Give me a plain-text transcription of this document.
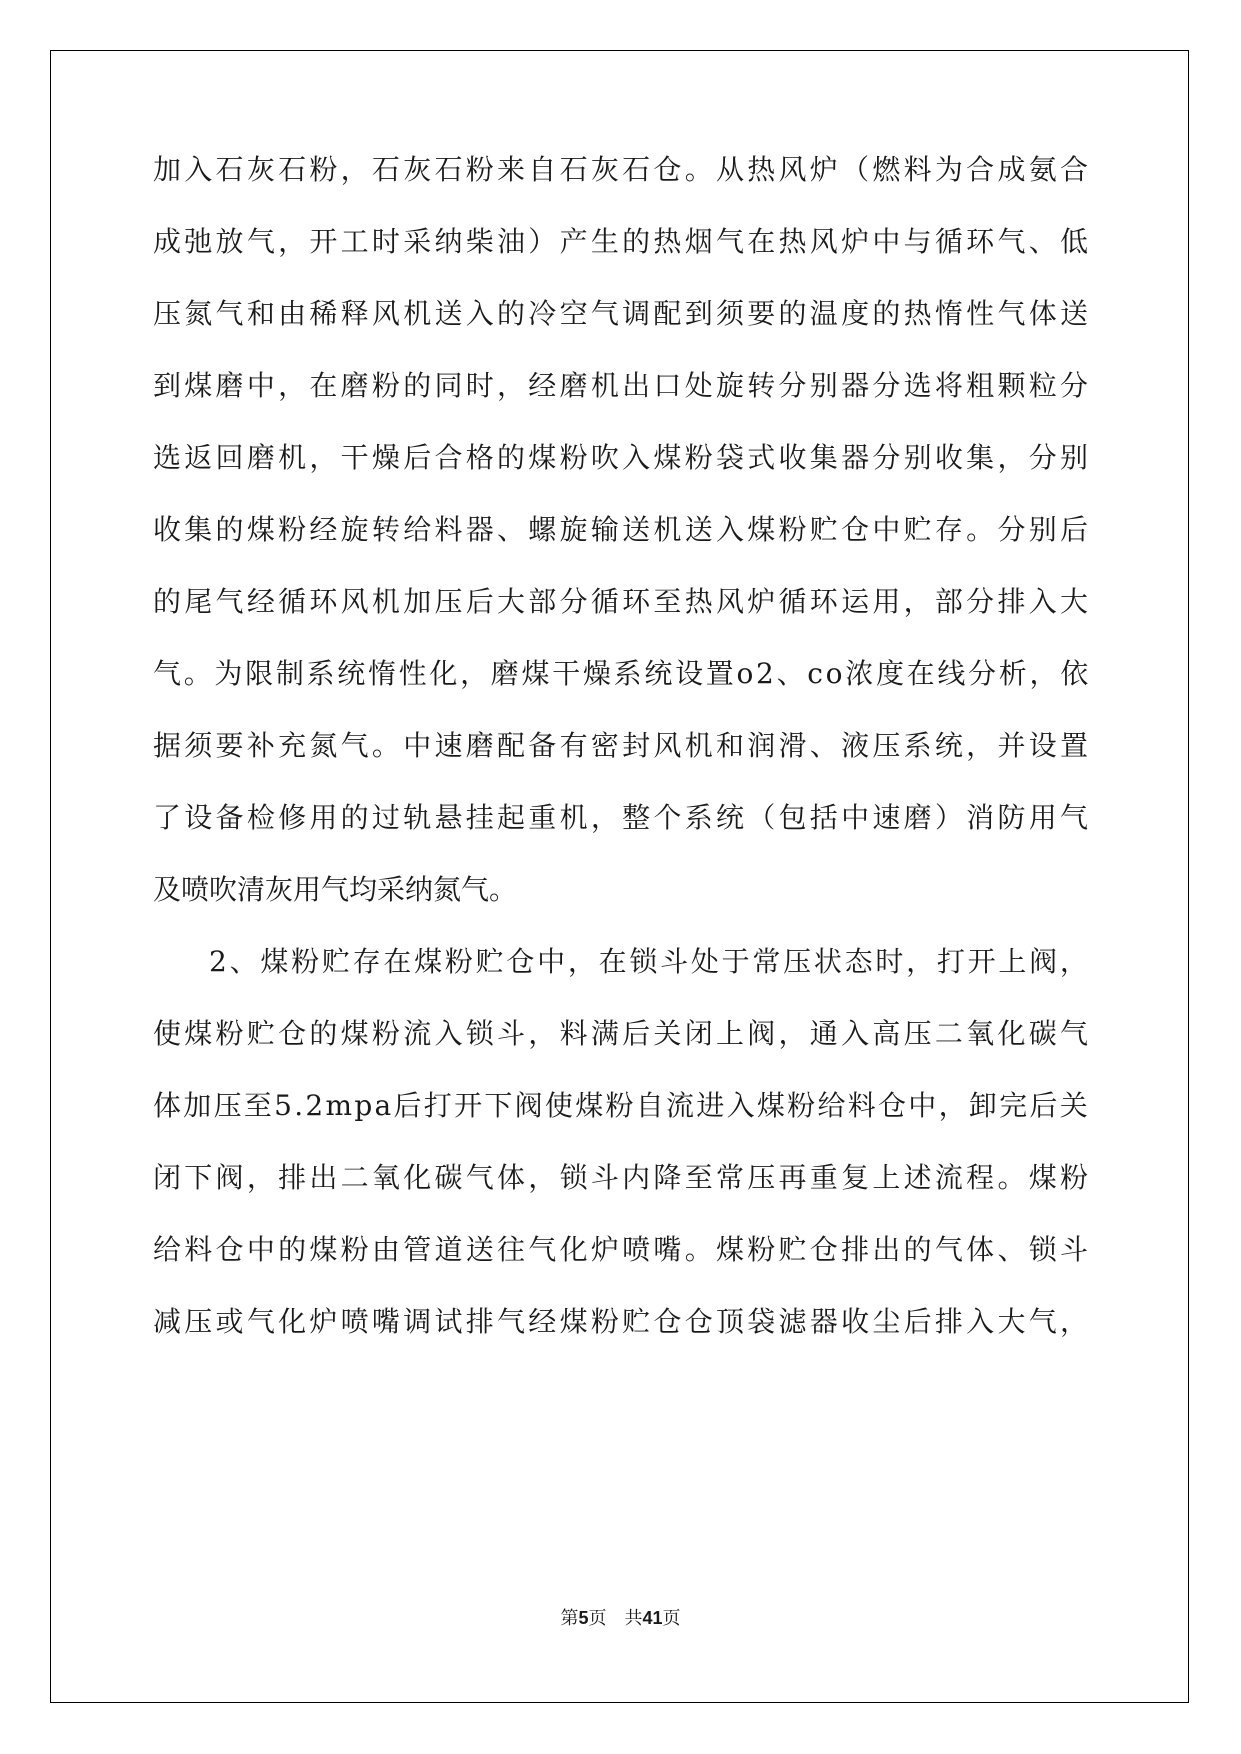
加入石灰石粉，石灰石粉来自石灰石仓。从热风炉（燃料为合成氨合

成弛放气，开工时采纳柴油）产生的热烟气在热风炉中与循环气、低

压氮气和由稀释风机送入的冷空气调配到须要的温度的热惰性气体送

到煤磨中，在磨粉的同时，经磨机出口处旋转分别器分选将粗颗粒分

选返回磨机，干燥后合格的煤粉吹入煤粉袋式收集器分别收集，分别

收集的煤粉经旋转给料器、螺旋输送机送入煤粉贮仓中贮存。分别后

的尾气经循环风机加压后大部分循环至热风炉循环运用，部分排入大

气。为限制系统惰性化，磨煤干燥系统设置o2、co浓度在线分析，依

据须要补充氮气。中速磨配备有密封风机和润滑、液压系统，并设置

了设备检修用的过轨悬挂起重机，整个系统（包括中速磨）消防用气

及喷吹清灰用气均采纳氮气。

2、煤粉贮存在煤粉贮仓中，在锁斗处于常压状态时，打开上阀，

使煤粉贮仓的煤粉流入锁斗，料满后关闭上阀，通入高压二氧化碳气

体加压至5.2mpa后打开下阀使煤粉自流进入煤粉给料仓中，卸完后关

闭下阀，排出二氧化碳气体，锁斗内降至常压再重复上述流程。煤粉

给料仓中的煤粉由管道送往气化炉喷嘴。煤粉贮仓排出的气体、锁斗

减压或气化炉喷嘴调试排气经煤粉贮仓仓顶袋滤器收尘后排入大气，

第5页 共41页
